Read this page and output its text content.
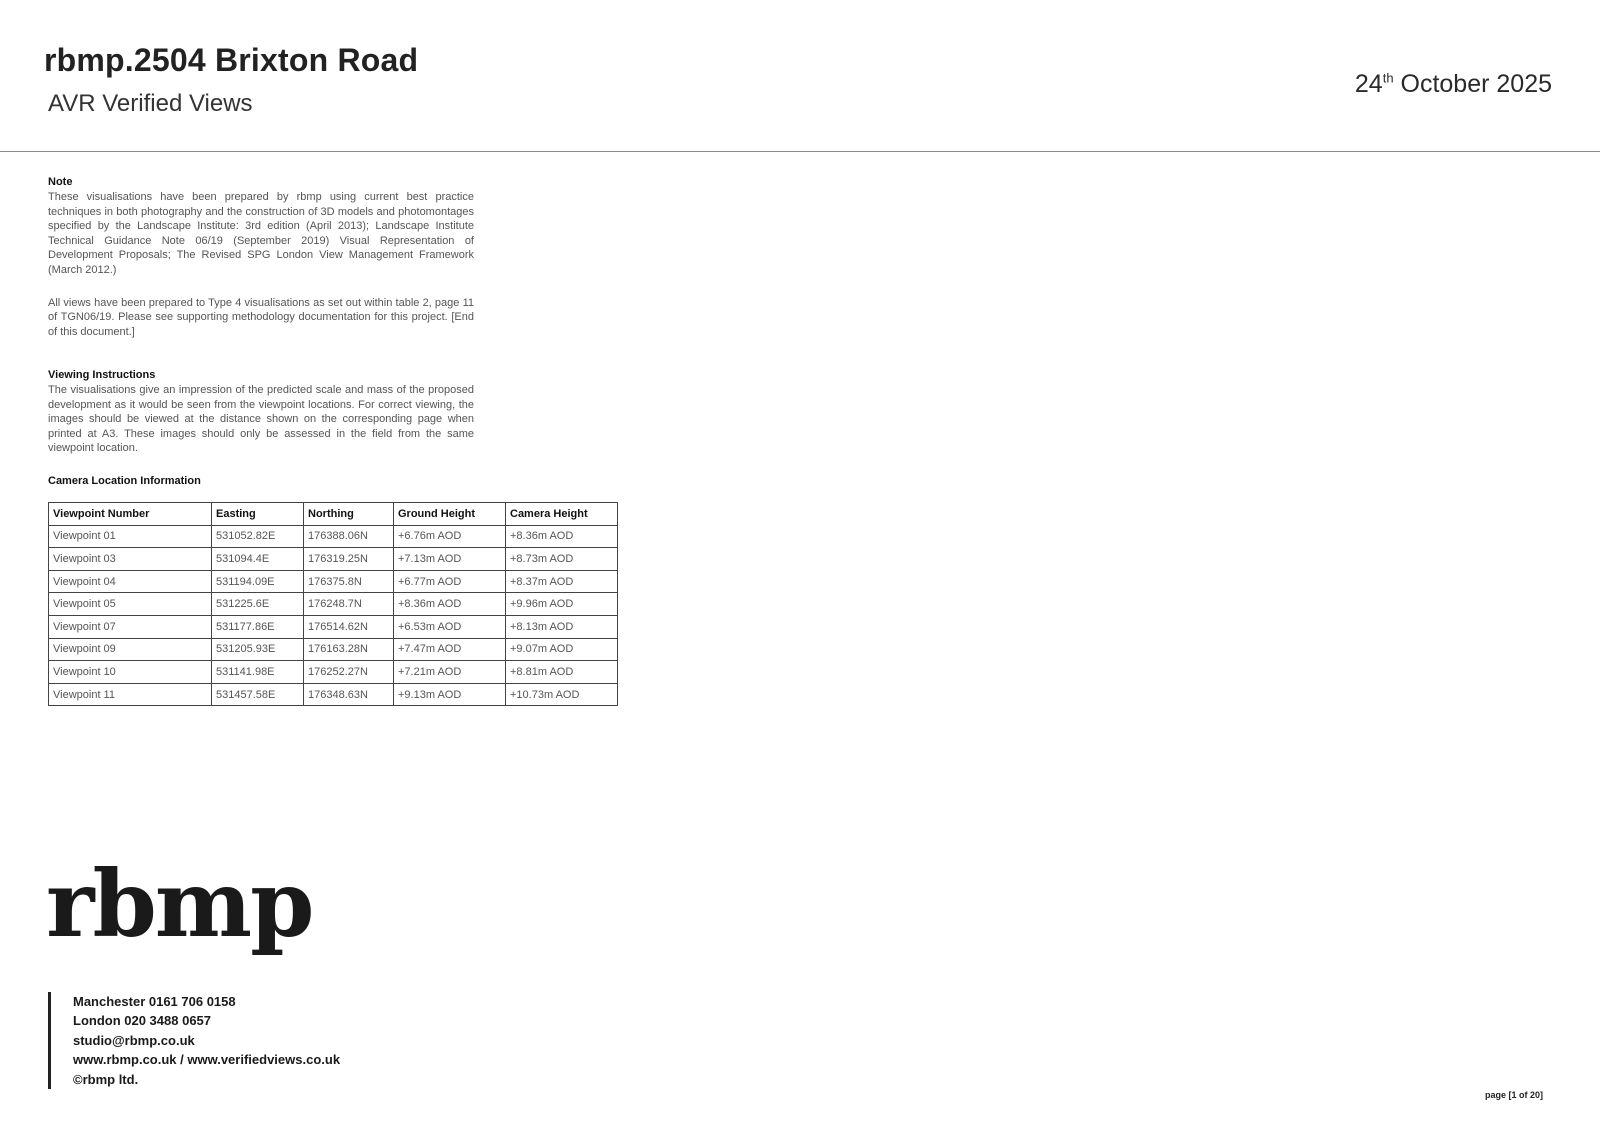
rbmp.2504 Brixton Road
AVR Verified Views
24th October 2025
Note

These visualisations have been prepared by rbmp using current best practice techniques in both photography and the construction of 3D models and photomontages specified by the Landscape Institute: 3rd edition (April 2013); Landscape Institute Technical Guidance Note 06/19 (September 2019) Visual Representation of Development Proposals; The Revised SPG London View Management Framework (March 2012.)

All views have been prepared to Type 4 visualisations as set out within table 2, page 11 of TGN06/19. Please see supporting methodology documentation for this project. [End of this document.]

Viewing Instructions

The visualisations give an impression of the predicted scale and mass of the proposed development as it would be seen from the viewpoint locations. For correct viewing, the images should be viewed at the distance shown on the corresponding page when printed at A3. These images should only be assessed in the field from the same viewpoint location.

Camera Location Information
Viewpoint Number	Easting	Northing	Ground Height	Camera Height
Viewpoint 01	531052.82E	176388.06N	+6.76m AOD	+8.36m AOD
Viewpoint 03	531094.4E	176319.25N	+7.13m AOD	+8.73m AOD
Viewpoint 04	531194.09E	176375.8N	+6.77m AOD	+8.37m AOD
Viewpoint 05	531225.6E	176248.7N	+8.36m AOD	+9.96m AOD
Viewpoint 07	531177.86E	176514.62N	+6.53m AOD	+8.13m AOD
Viewpoint 09	531205.93E	176163.28N	+7.47m AOD	+9.07m AOD
Viewpoint 10	531141.98E	176252.27N	+7.21m AOD	+8.81m AOD
Viewpoint 11	531457.58E	176348.63N	+9.13m AOD	+10.73m AOD
rbmp
Manchester 0161 706 0158
London 020 3488 0657
studio@rbmp.co.uk
www.rbmp.co.uk / www.verifiedviews.co.uk
©rbmp ltd.
page [1 of 20]
